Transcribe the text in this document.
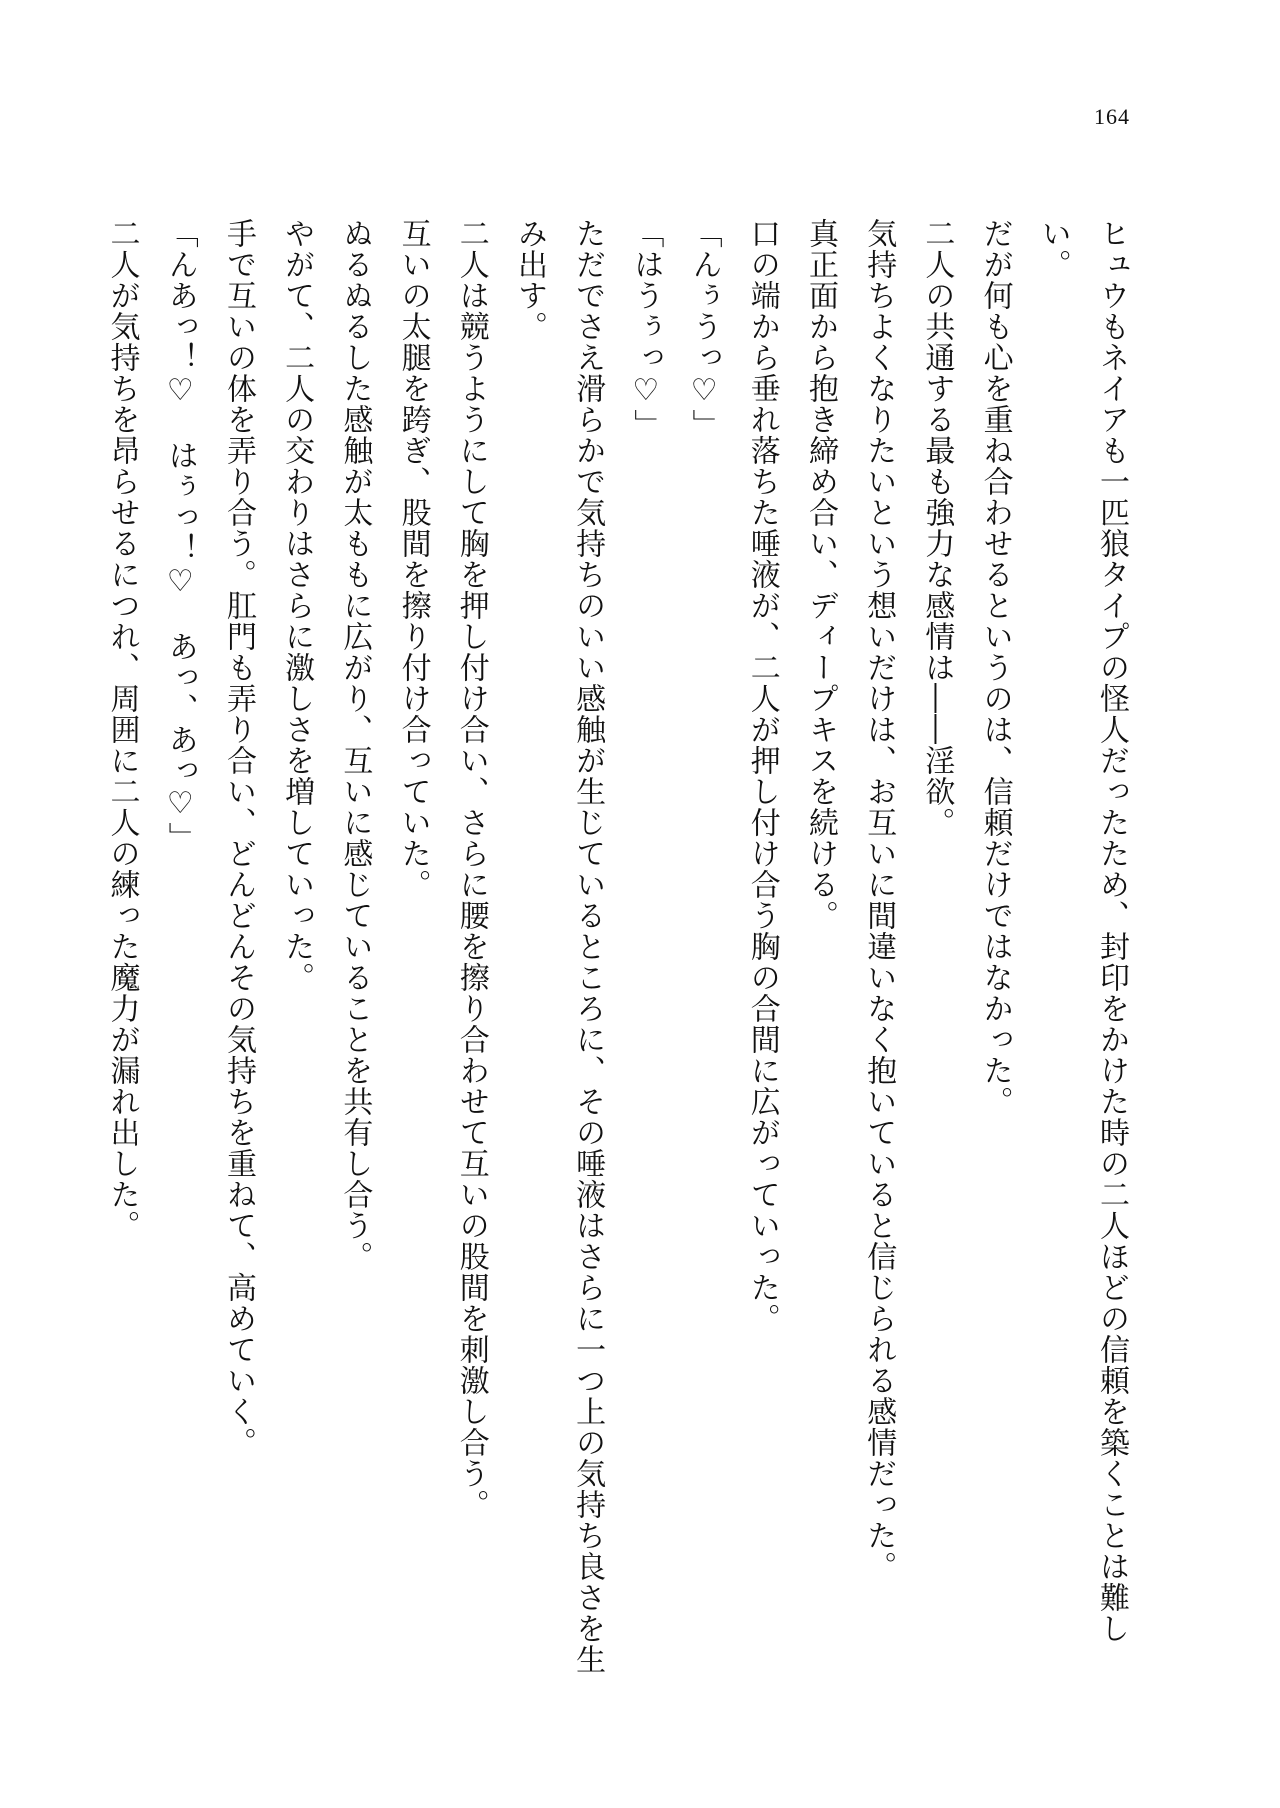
164
ヒュウもネイアも一匹狼タイプの怪人だったため、封印をかけた時の二人ほどの信頼を築くことは難しい。
だが何も心を重ね合わせるというのは、信頼だけではなかった。
二人の共通する最も強力な感情は――淫欲。
気持ちよくなりたいという想いだけは、お互いに間違いなく抱いていると信じられる感情だった。
真正面から抱き締め合い、ディープキスを続ける。
口の端から垂れ落ちた唾液が、二人が押し付け合う胸の合間に広がっていった。
「んぅうっ♡」
「はうぅっ♡」
ただでさえ滑らかで気持ちのいい感触が生じているところに、その唾液はさらに一つ上の気持ち良さを生み出す。
二人は競うようにして胸を押し付け合い、さらに腰を擦り合わせて互いの股間を刺激し合う。
互いの太腿を跨ぎ、股間を擦り付け合っていた。
ぬるぬるした感触が太ももに広がり、互いに感じていることを共有し合う。
やがて、二人の交わりはさらに激しさを増していった。
手で互いの体を弄り合う。肛門も弄り合い、どんどんその気持ちを重ねて、高めていく。
「んあっ！♡　はぅっ！♡　あっ、あっ♡」
二人が気持ちを昂らせるにつれ、周囲に二人の練った魔力が漏れ出した。
